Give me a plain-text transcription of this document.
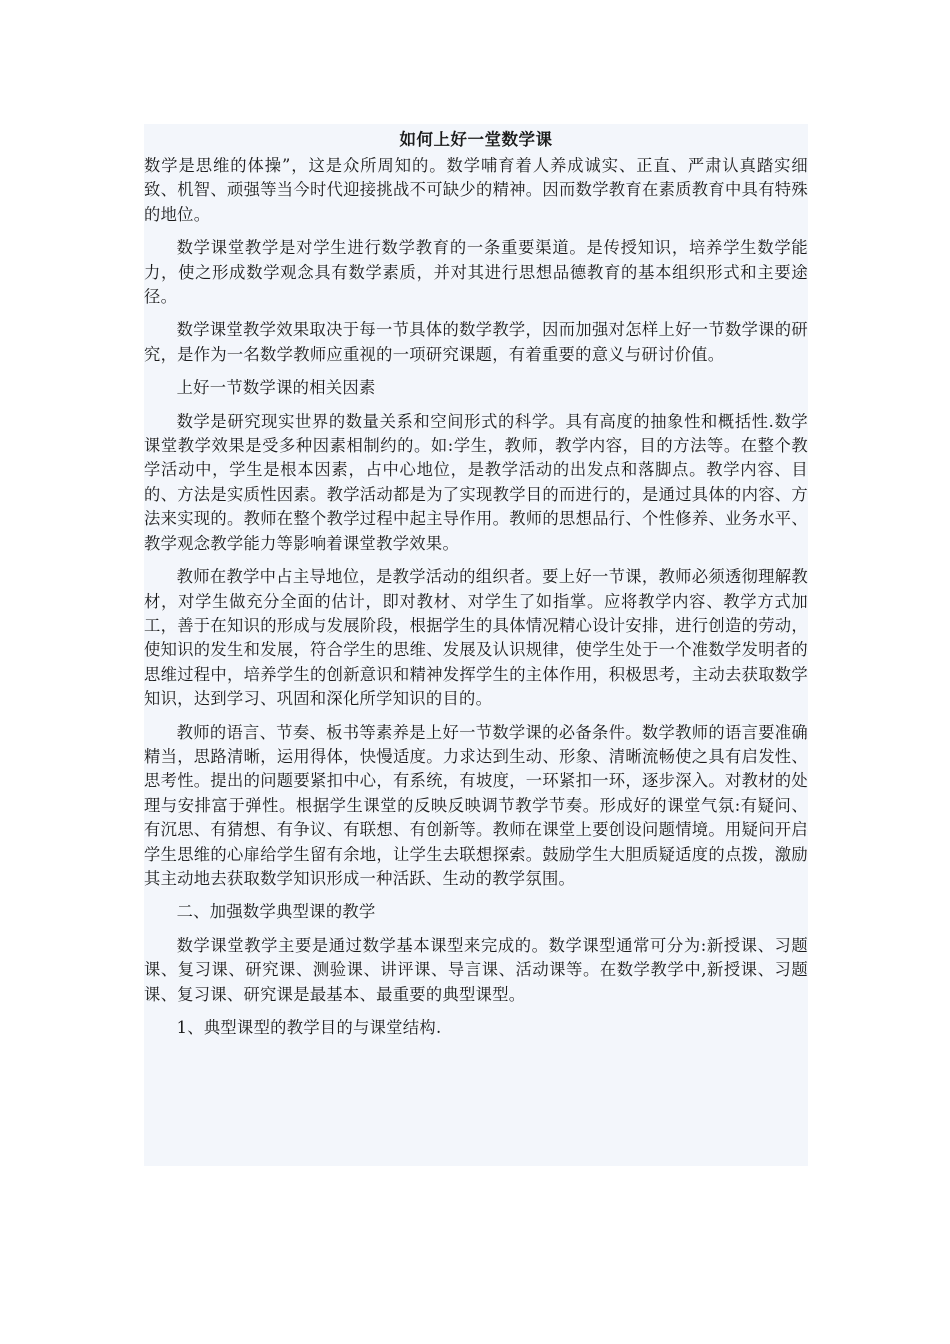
如何上好一堂数学课

数学是思维的体操”，这是众所周知的。数学哺育着人养成诚实、正直、严肃认真踏实细致、机智、顽强等当今时代迎接挑战不可缺少的精神。因而数学教育在素质教育中具有特殊的地位。

数学课堂教学是对学生进行数学教育的一条重要渠道。是传授知识，培养学生数学能力，使之形成数学观念具有数学素质，并对其进行思想品德教育的基本组织形式和主要途径。

数学课堂教学效果取决于每一节具体的数学教学，因而加强对怎样上好一节数学课的研究，是作为一名数学教师应重视的一项研究课题，有着重要的意义与研讨价值。

上好一节数学课的相关因素

数学是研究现实世界的数量关系和空间形式的科学。具有高度的抽象性和概括性.数学课堂教学效果是受多种因素相制约的。如:学生，教师，教学内容，目的方法等。在整个教学活动中，学生是根本因素，占中心地位，是教学活动的出发点和落脚点。教学内容、目的、方法是实质性因素。教学活动都是为了实现教学目的而进行的，是通过具体的内容、方法来实现的。教师在整个教学过程中起主导作用。教师的思想品行、个性修养、业务水平、教学观念教学能力等影响着课堂教学效果。

教师在教学中占主导地位，是教学活动的组织者。要上好一节课，教师必须透彻理解教材，对学生做充分全面的估计，即对教材、对学生了如指掌。应将教学内容、教学方式加工，善于在知识的形成与发展阶段，根据学生的具体情况精心设计安排，进行创造的劳动，使知识的发生和发展，符合学生的思维、发展及认识规律，使学生处于一个准数学发明者的思维过程中，培养学生的创新意识和精神发挥学生的主体作用，积极思考，主动去获取数学知识，达到学习、巩固和深化所学知识的目的。

教师的语言、节奏、板书等素养是上好一节数学课的必备条件。数学教师的语言要准确精当，思路清晰，运用得体，快慢适度。力求达到生动、形象、清晰流畅使之具有启发性、思考性。提出的问题要紧扣中心，有系统，有坡度，一环紧扣一环，逐步深入。对教材的处理与安排富于弹性。根据学生课堂的反映反映调节教学节奏。形成好的课堂气氛:有疑问、有沉思、有猜想、有争议、有联想、有创新等。教师在课堂上要创设问题情境。用疑问开启学生思维的心扉给学生留有余地，让学生去联想探索。鼓励学生大胆质疑适度的点拨，激励其主动地去获取数学知识形成一种活跃、生动的教学氛围。

二、加强数学典型课的教学

数学课堂教学主要是通过数学基本课型来完成的。数学课型通常可分为:新授课、习题课、复习课、研究课、测验课、讲评课、导言课、活动课等。在数学教学中,新授课、习题课、复习课、研究课是最基本、最重要的典型课型。

1、典型课型的教学目的与课堂结构.
